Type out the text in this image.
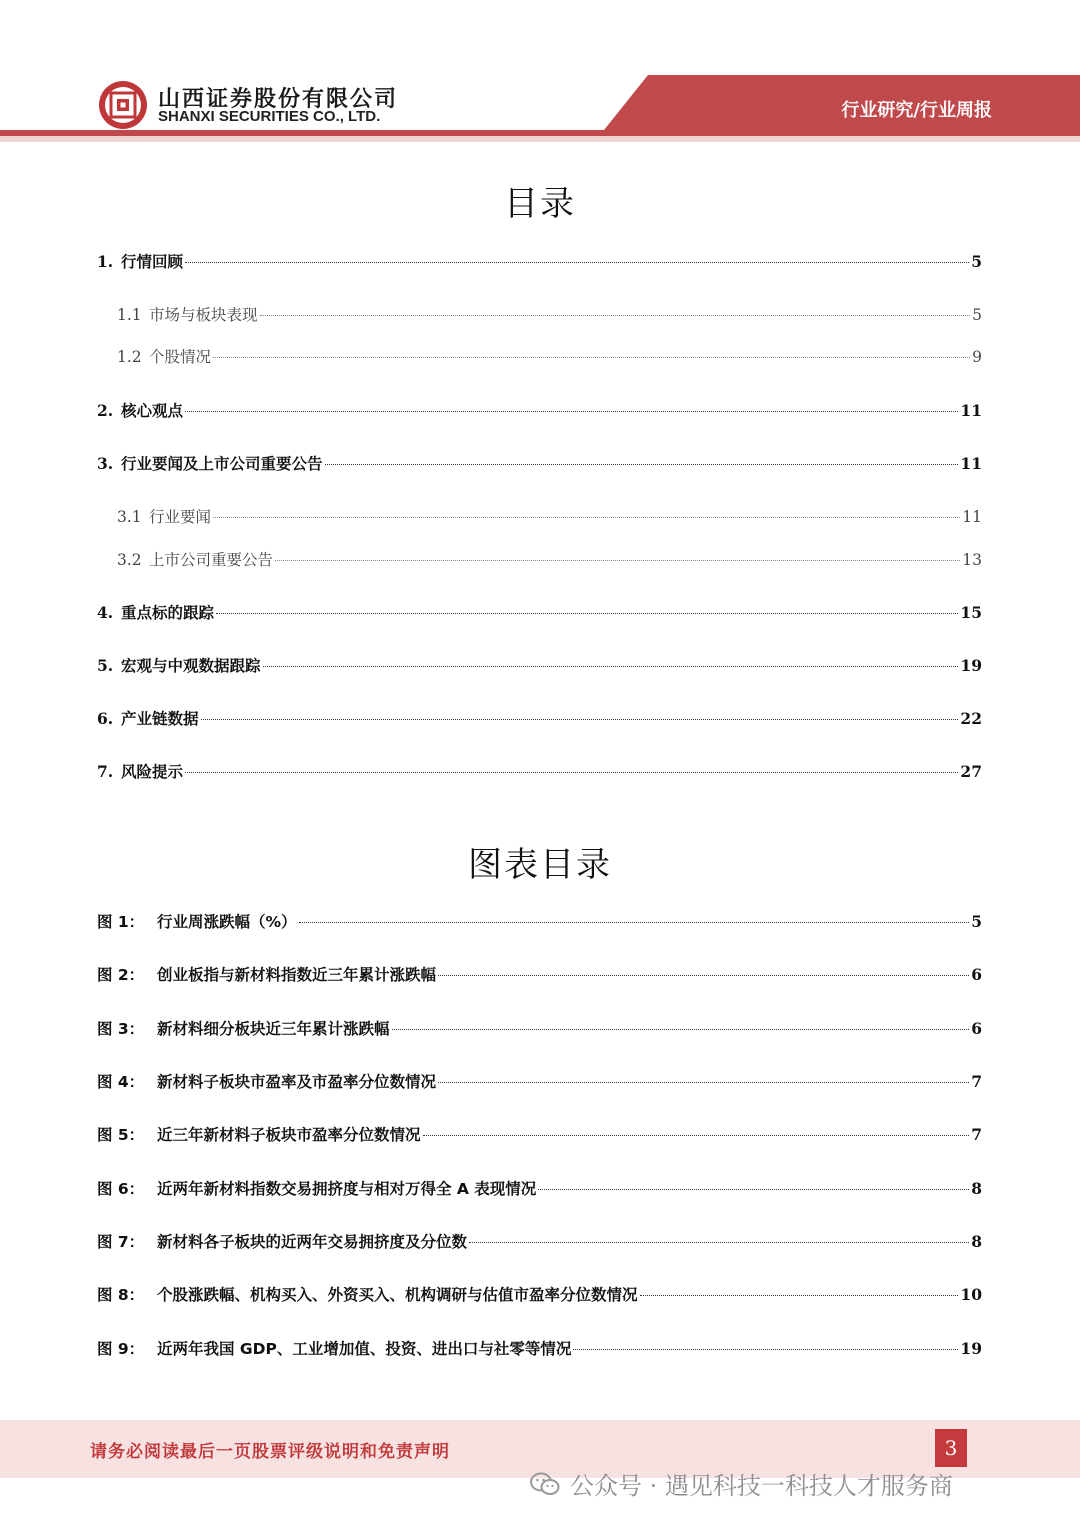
山西证券股份有限公司
SHANXI SECURITIES CO., LTD.	行业研究/行业周报
目录
1. 行情回顾	5
1.1 市场与板块表现	5
1.2 个股情况	9
2. 核心观点	11
3. 行业要闻及上市公司重要公告	11
3.1 行业要闻	11
3.2 上市公司重要公告	13
4. 重点标的跟踪	15
5. 宏观与中观数据跟踪	19
6. 产业链数据	22
7. 风险提示	27
图表目录
图 1： 行业周涨跌幅（%）	5
图 2： 创业板指与新材料指数近三年累计涨跌幅	6
图 3： 新材料细分板块近三年累计涨跌幅	6
图 4： 新材料子板块市盈率及市盈率分位数情况	7
图 5： 近三年新材料子板块市盈率分位数情况	7
图 6： 近两年新材料指数交易拥挤度与相对万得全 A 表现情况	8
图 7： 新材料各子板块的近两年交易拥挤度及分位数	8
图 8： 个股涨跌幅、机构买入、外资买入、机构调研与估值市盈率分位数情况	10
图 9： 近两年我国 GDP、工业增加值、投资、进出口与社零等情况	19
请务必阅读最后一页股票评级说明和免责声明	3
公众号 · 遇见科技一科技人才服务商
